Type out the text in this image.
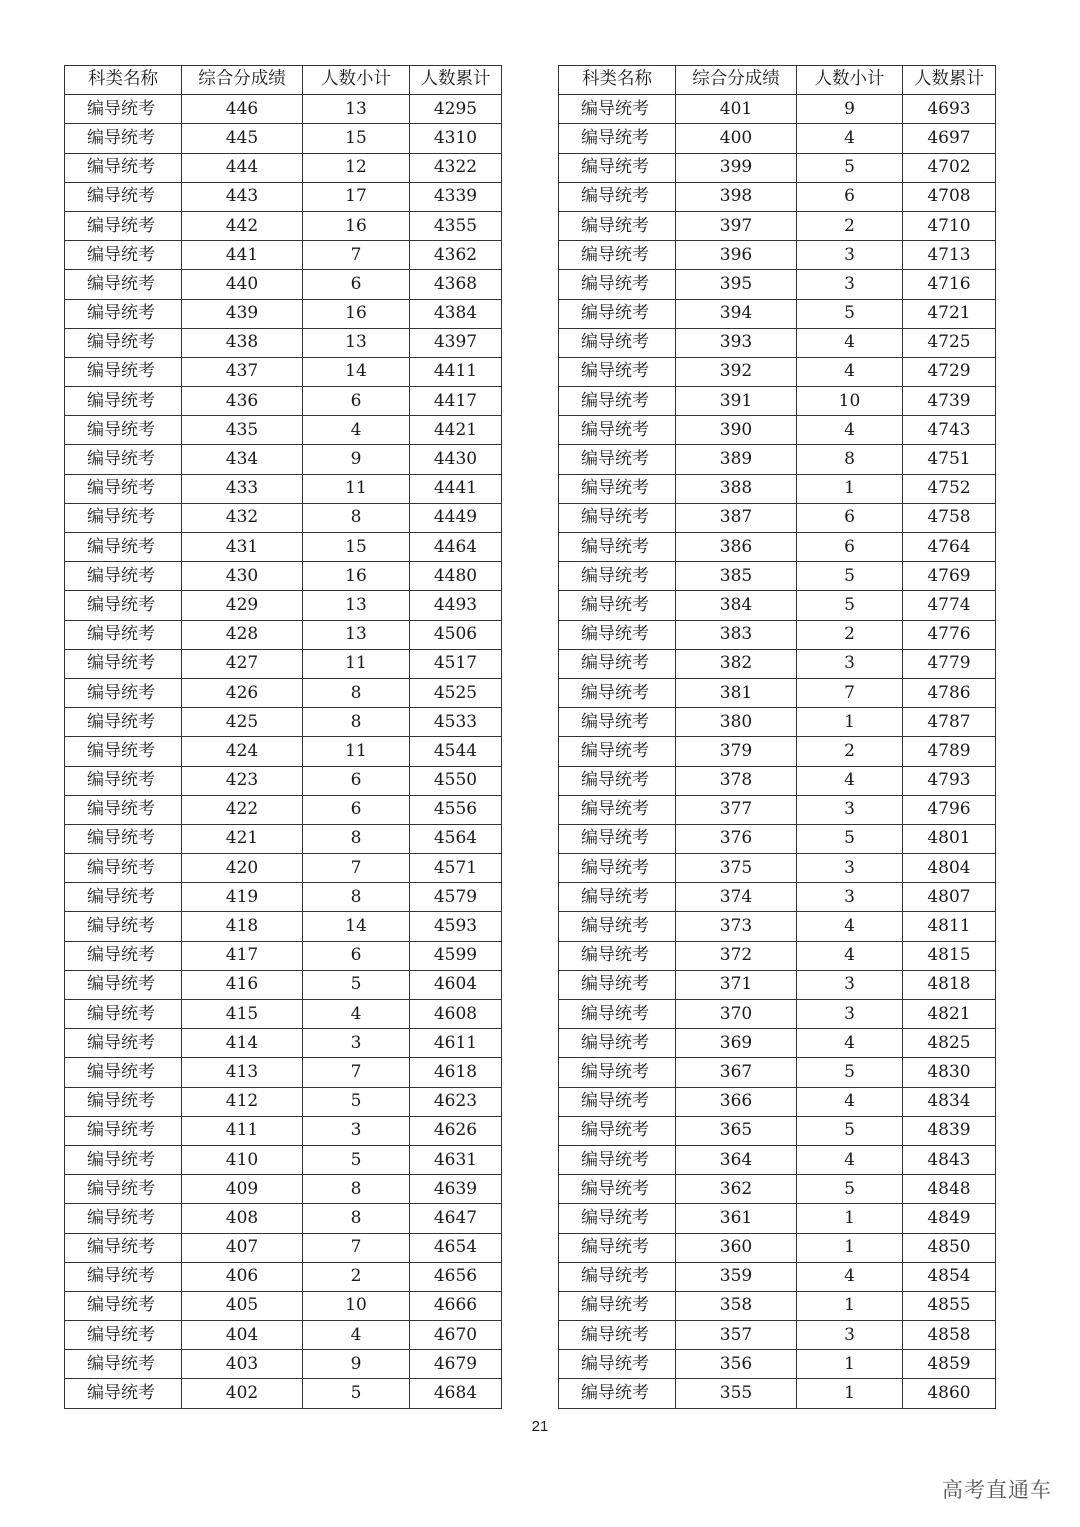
科类名称	综合分成绩	人数小计	人数累计
编导统考	446	13	4295
编导统考	445	15	4310
编导统考	444	12	4322
编导统考	443	17	4339
编导统考	442	16	4355
编导统考	441	7	4362
编导统考	440	6	4368
编导统考	439	16	4384
编导统考	438	13	4397
编导统考	437	14	4411
编导统考	436	6	4417
编导统考	435	4	4421
编导统考	434	9	4430
编导统考	433	11	4441
编导统考	432	8	4449
编导统考	431	15	4464
编导统考	430	16	4480
编导统考	429	13	4493
编导统考	428	13	4506
编导统考	427	11	4517
编导统考	426	8	4525
编导统考	425	8	4533
编导统考	424	11	4544
编导统考	423	6	4550
编导统考	422	6	4556
编导统考	421	8	4564
编导统考	420	7	4571
编导统考	419	8	4579
编导统考	418	14	4593
编导统考	417	6	4599
编导统考	416	5	4604
编导统考	415	4	4608
编导统考	414	3	4611
编导统考	413	7	4618
编导统考	412	5	4623
编导统考	411	3	4626
编导统考	410	5	4631
编导统考	409	8	4639
编导统考	408	8	4647
编导统考	407	7	4654
编导统考	406	2	4656
编导统考	405	10	4666
编导统考	404	4	4670
编导统考	403	9	4679
编导统考	402	5	4684
科类名称	综合分成绩	人数小计	人数累计
编导统考	401	9	4693
编导统考	400	4	4697
编导统考	399	5	4702
编导统考	398	6	4708
编导统考	397	2	4710
编导统考	396	3	4713
编导统考	395	3	4716
编导统考	394	5	4721
编导统考	393	4	4725
编导统考	392	4	4729
编导统考	391	10	4739
编导统考	390	4	4743
编导统考	389	8	4751
编导统考	388	1	4752
编导统考	387	6	4758
编导统考	386	6	4764
编导统考	385	5	4769
编导统考	384	5	4774
编导统考	383	2	4776
编导统考	382	3	4779
编导统考	381	7	4786
编导统考	380	1	4787
编导统考	379	2	4789
编导统考	378	4	4793
编导统考	377	3	4796
编导统考	376	5	4801
编导统考	375	3	4804
编导统考	374	3	4807
编导统考	373	4	4811
编导统考	372	4	4815
编导统考	371	3	4818
编导统考	370	3	4821
编导统考	369	4	4825
编导统考	367	5	4830
编导统考	366	4	4834
编导统考	365	5	4839
编导统考	364	4	4843
编导统考	362	5	4848
编导统考	361	1	4849
编导统考	360	1	4850
编导统考	359	4	4854
编导统考	358	1	4855
编导统考	357	3	4858
编导统考	356	1	4859
编导统考	355	1	4860
21
高考直通车
